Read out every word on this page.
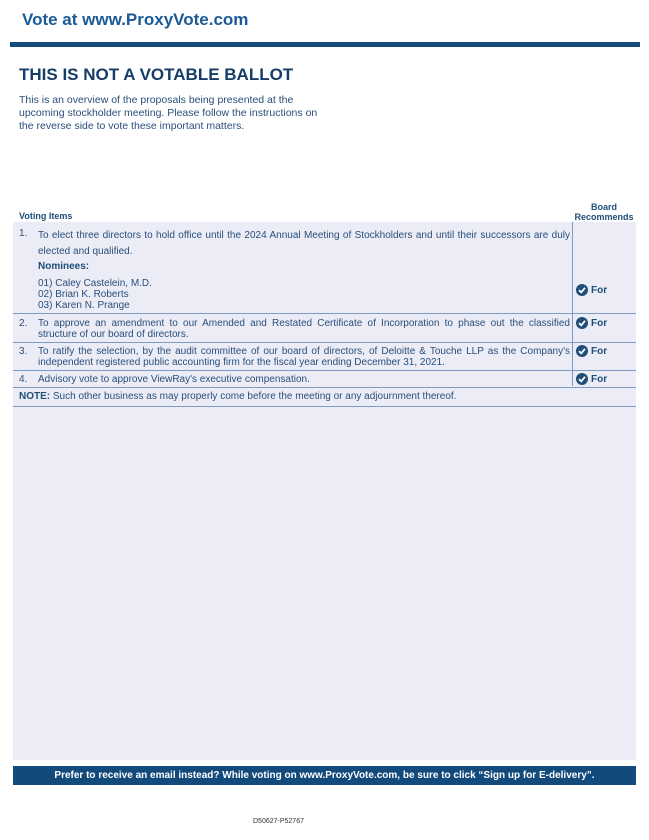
Vote at www.ProxyVote.com
THIS IS NOT A VOTABLE BALLOT
This is an overview of the proposals being presented at the upcoming stockholder meeting. Please follow the instructions on the reverse side to vote these important matters.
Voting Items
Board Recommends
1. To elect three directors to hold office until the 2024 Annual Meeting of Stockholders and until their successors are duly elected and qualified.
Nominees:
01) Caley Castelein, M.D.
02) Brian K. Roberts
03) Karen N. Prange
For
2. To approve an amendment to our Amended and Restated Certificate of Incorporation to phase out the classified structure of our board of directors.
For
3. To ratify the selection, by the audit committee of our board of directors, of Deloitte & Touche LLP as the Company's independent registered public accounting firm for the fiscal year ending December 31, 2021.
For
4. Advisory vote to approve ViewRay's executive compensation.	For
NOTE: Such other business as may properly come before the meeting or any adjournment thereof.
Prefer to receive an email instead? While voting on www.ProxyVote.com, be sure to click “Sign up for E-delivery”.
D50627-P52767
